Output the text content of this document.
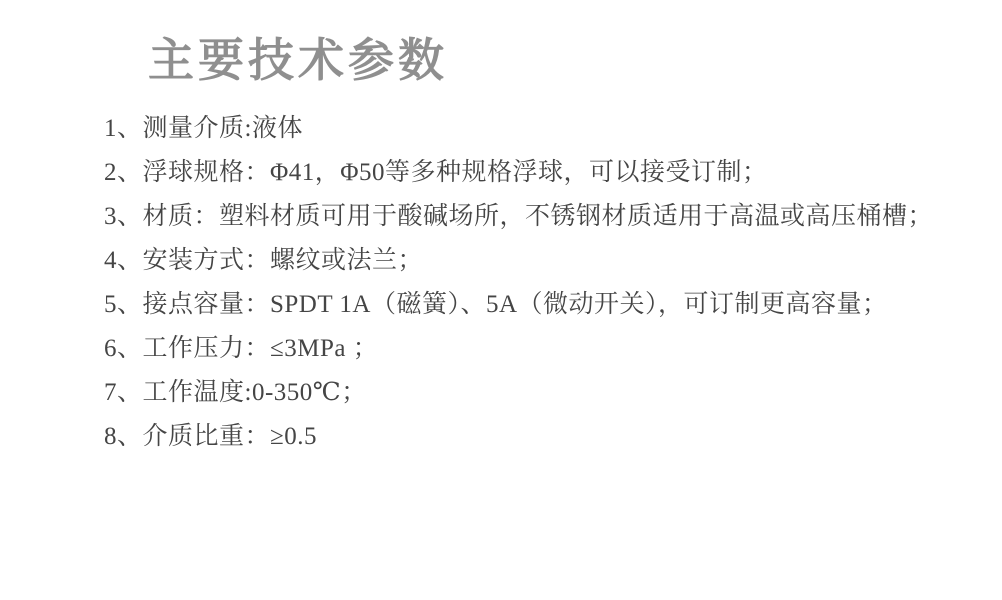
主要技术参数

1、测量介质:液体

2、浮球规格：Φ41，Φ50等多种规格浮球，可以接受订制；

3、材质：塑料材质可用于酸碱场所，不锈钢材质适用于高温或高压桶槽；

4、安装方式：螺纹或法兰；

5、接点容量：SPDT 1A（磁簧）、5A（微动开关），可订制更高容量；

6、工作压力：≤3MPa ；

7、工作温度:0-350℃；

8、介质比重：≥0.5
